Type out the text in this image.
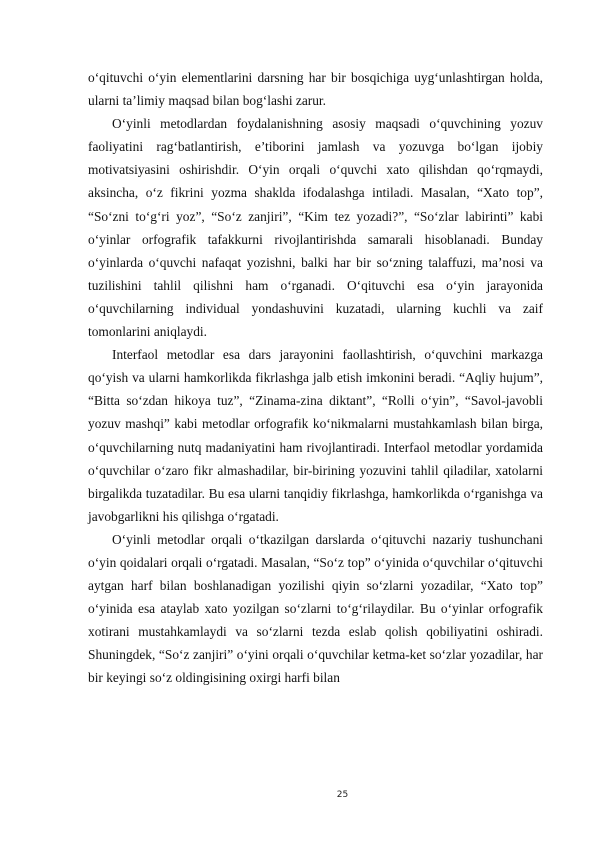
o‘qituvchi o‘yin elementlarini darsning har bir bosqichiga uyg‘unlashtirgan holda, ularni ta’limiy maqsad bilan bog‘lashi zarur.

O‘yinli metodlardan foydalanishning asosiy maqsadi o‘quvchining yozuv faoliyatini rag‘batlantirish, e’tiborini jamlash va yozuvga bo‘lgan ijobiy motivatsiyasini oshirishdir. O‘yin orqali o‘quvchi xato qilishdan qo‘rqmaydi, aksincha, o‘z fikrini yozma shaklda ifodalashga intiladi. Masalan, “Xato top”, “So‘zni to‘g‘ri yoz”, “So‘z zanjiri”, “Kim tez yozadi?”, “So‘zlar labirinti” kabi o‘yinlar orfografik tafakkurni rivojlantirishda samarali hisoblanadi. Bunday o‘yinlarda o‘quvchi nafaqat yozishni, balki har bir so‘zning talaffuzi, ma’nosi va tuzilishini tahlil qilishni ham o‘rganadi. O‘qituvchi esa o‘yin jarayonida o‘quvchilarning individual yondashuvini kuzatadi, ularning kuchli va zaif tomonlarini aniqlaydi.

Interfaol metodlar esa dars jarayonini faollashtirish, o‘quvchini markazga qo‘yish va ularni hamkorlikda fikrlashga jalb etish imkonini beradi. “Aqliy hujum”, “Bitta so‘zdan hikoya tuz”, “Zinama-zina diktant”, “Rolli o‘yin”, “Savol-javobli yozuv mashqi” kabi metodlar orfografik ko‘nikmalarni mustahkamlash bilan birga, o‘quvchilarning nutq madaniyatini ham rivojlantiradi. Interfaol metodlar yordamida o‘quvchilar o‘zaro fikr almashadilar, bir-birining yozuvini tahlil qiladilar, xatolarni birgalikda tuzatadilar. Bu esa ularni tanqidiy fikrlashga, hamkorlikda o‘rganishga va javobgarlikni his qilishga o‘rgatadi.

O‘yinli metodlar orqali o‘tkazilgan darslarda o‘qituvchi nazariy tushunchani o‘yin qoidalari orqali o‘rgatadi. Masalan, “So‘z top” o‘yinida o‘quvchilar o‘qituvchi aytgan harf bilan boshlanadigan yozilishi qiyin so‘zlarni yozadilar, “Xato top” o‘yinida esa ataylab xato yozilgan so‘zlarni to‘g‘rilaydilar. Bu o‘yinlar orfografik xotirani mustahkamlaydi va so‘zlarni tezda eslab qolish qobiliyatini oshiradi. Shuningdek, “So‘z zanjiri” o‘yini orqali o‘quvchilar ketma-ket so‘zlar yozadilar, har bir keyingi so‘z oldingisining oxirgi harfi bilan

25
